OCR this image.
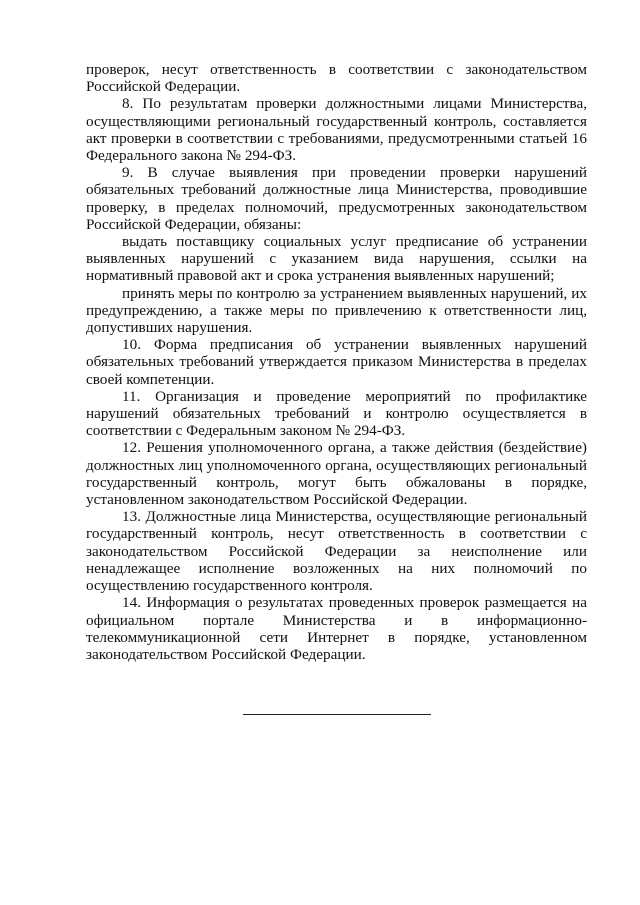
проверок, несут ответственность в соответствии с законодательством Российской Федерации.

8. По результатам проверки должностными лицами Министерства, осуществляющими региональный государственный контроль, составляется акт проверки в соответствии с требованиями, предусмотренными статьей 16 Федерального закона № 294-ФЗ.

9. В случае выявления при проведении проверки нарушений обязательных требований должностные лица Министерства, проводившие проверку, в пределах полномочий, предусмотренных законодательством Российской Федерации, обязаны:

выдать поставщику социальных услуг предписание об устранении выявленных нарушений с указанием вида нарушения, ссылки на нормативный правовой акт и срока устранения выявленных нарушений;

принять меры по контролю за устранением выявленных нарушений, их предупреждению, а также меры по привлечению к ответственности лиц, допустивших нарушения.

10. Форма предписания об устранении выявленных нарушений обязательных требований утверждается приказом Министерства в пределах своей компетенции.

11. Организация и проведение мероприятий по профилактике нарушений обязательных требований и контролю осуществляется в соответствии с Федеральным законом № 294-ФЗ.

12. Решения уполномоченного органа, а также действия (бездействие) должностных лиц уполномоченного органа, осуществляющих региональный государственный контроль, могут быть обжалованы в порядке, установленном законодательством Российской Федерации.

13. Должностные лица Министерства, осуществляющие региональный государственный контроль, несут ответственность в соответствии с законодательством Российской Федерации за неисполнение или ненадлежащее исполнение возложенных на них полномочий по осуществлению государственного контроля.

14. Информация о результатах проведенных проверок размещается на официальном портале Министерства и в информационно-телекоммуникационной сети Интернет в порядке, установленном законодательством Российской Федерации.
